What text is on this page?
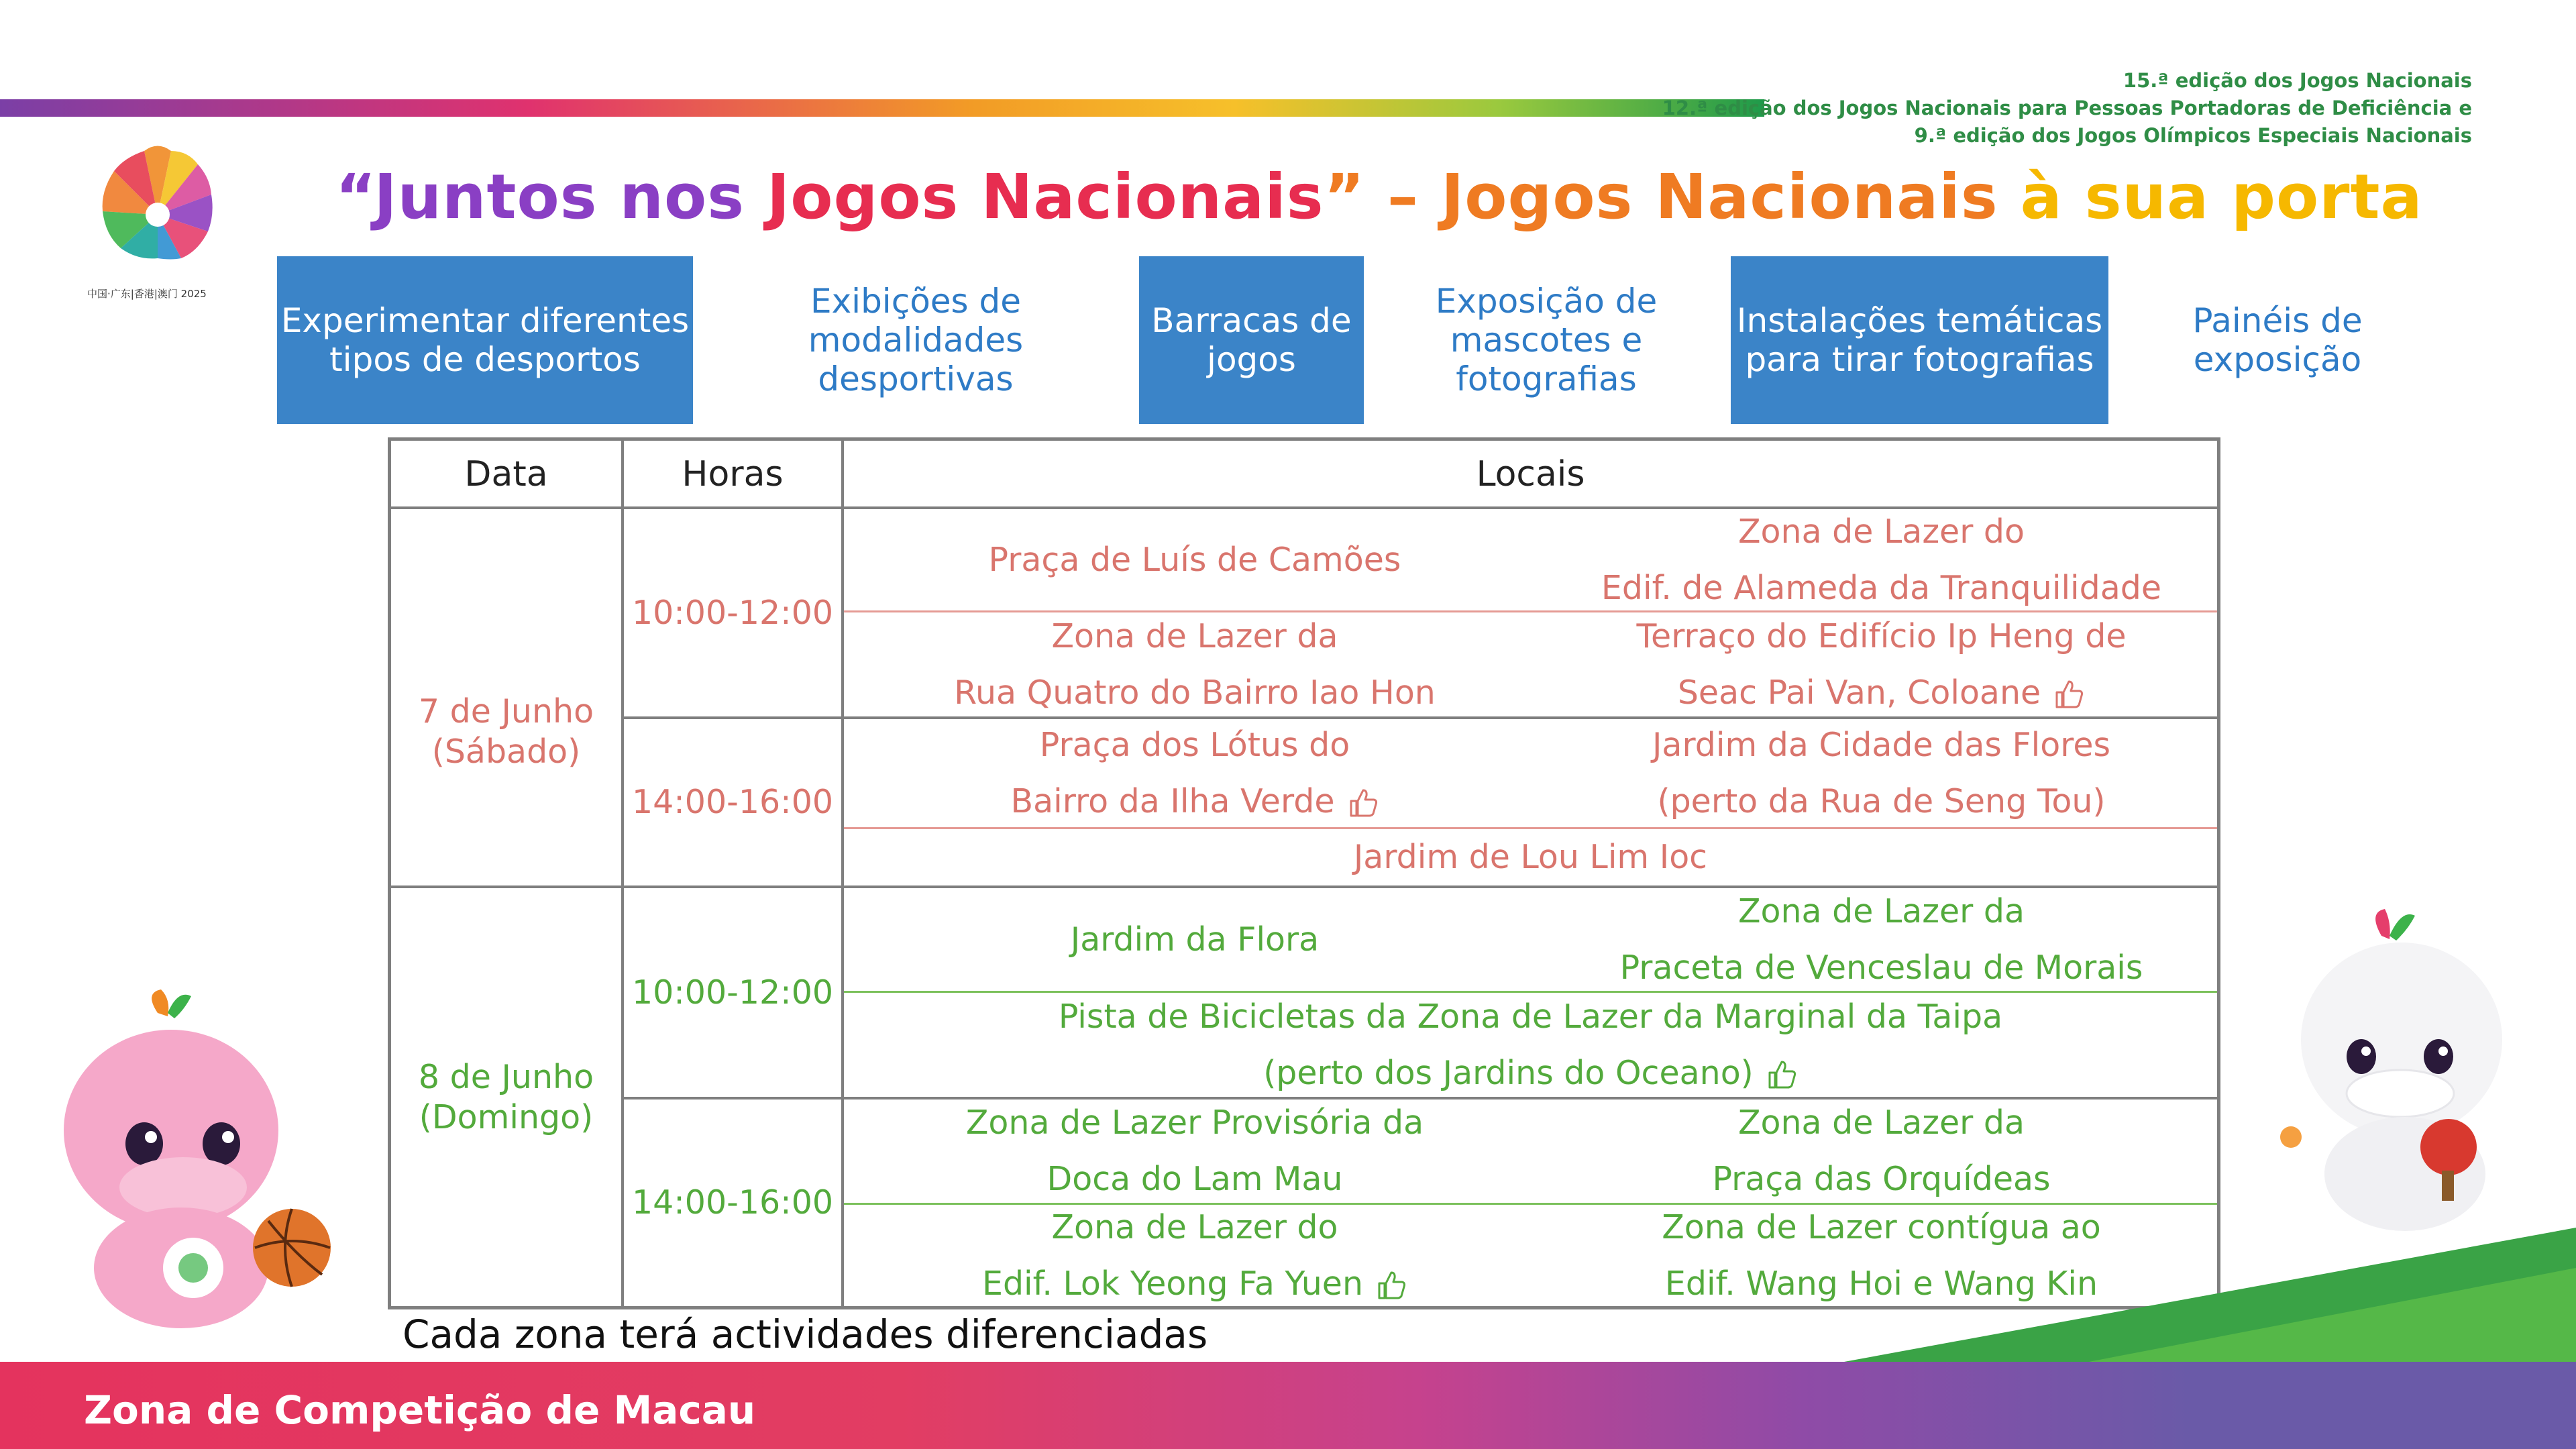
15.ª edição dos Jogos Nacionais
12.ª edição dos Jogos Nacionais para Pessoas Portadoras de Deficiência e
9.ª edição dos Jogos Olímpicos Especiais Nacionais
中国·广东|香港|澳门 2025
“Juntos nos Jogos Nacionais” – Jogos Nacionais à sua porta
Experimentar diferentes
tipos de desportos
Exibições de
modalidades desportivas
Barracas de
jogos
Exposição de
mascotes e
fotografias
Instalações temáticas
para tirar fotografias
Painéis de
exposição
Data	Horas	Locais
7 de Junho
(Sábado)
10:00-12:00
14:00-16:00
Praça de Luís de Camões
Zona de Lazer do
Edif. de Alameda da Tranquilidade
Zona de Lazer da
Rua Quatro do Bairro Iao Hon
Terraço do Edifício Ip Heng de
Seac Pai Van, Coloane
Praça dos Lótus do
Bairro da Ilha Verde
Jardim da Cidade das Flores
(perto da Rua de Seng Tou)
Jardim de Lou Lim Ioc
8 de Junho
(Domingo)
10:00-12:00
14:00-16:00
Jardim da Flora
Zona de Lazer da
Praceta de Venceslau de Morais
Pista de Bicicletas da Zona de Lazer da Marginal da Taipa
(perto dos Jardins do Oceano)
Zona de Lazer Provisória da
Doca do Lam Mau
Zona de Lazer da
Praça das Orquídeas
Zona de Lazer do
Edif. Lok Yeong Fa Yuen
Zona de Lazer contígua ao
Edif. Wang Hoi e Wang Kin
Cada zona terá actividades diferenciadas
Zona de Competição de Macau
